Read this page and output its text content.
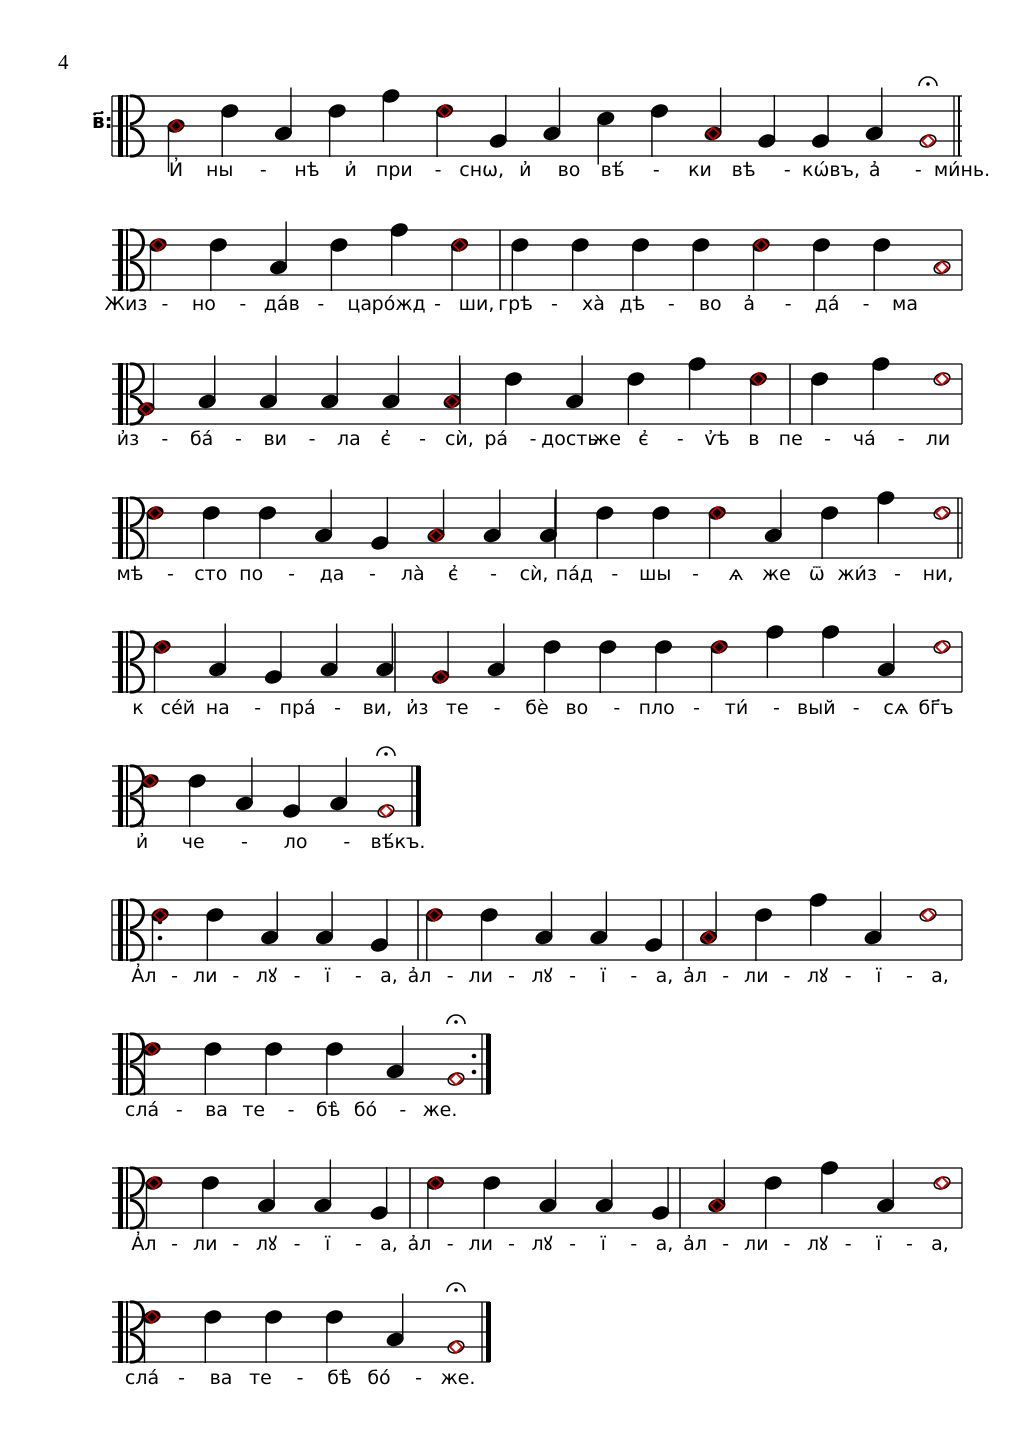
4
в҃:
И҆ ны - нѣ и҆ при - снѡ, и҆ во вѣ́ - ки вѣ - кѡ́въ, а҆ - ми́нь.
Жиз - но - да́в - ца ро́жд - ши, грѣ - ха̀ дѣ - во а҆ - да́ - ма
и҆з - ба́ - ви - ла є҆ - сѝ, ра́ - дость
же є҆ - ѵ҆ѣ в пе - ча́ - ли
мѣ - сто по - да - ла̀ є҆ - сѝ, па́д - шы - ѧ же ѿ жи́з - ни,
к се́й на - пра́ - ви, и҆з те - бѐ во - пло - ти́ - вый - сѧ бг҃ъ
и҆ че - ло - вѣ́къ.
А҆л - ли - лꙋ - ї - а, а҆л - ли - лꙋ - ї - а, а҆л - ли - лꙋ - ї - а,
сла́ - ва те - бѣ̀ бо́ - же.
А҆л - ли - лꙋ - ї - а, а҆л - ли - лꙋ - ї - а, а҆л - ли - лꙋ - ї - а,
сла́ - ва те - бѣ̀ бо́ - же.
